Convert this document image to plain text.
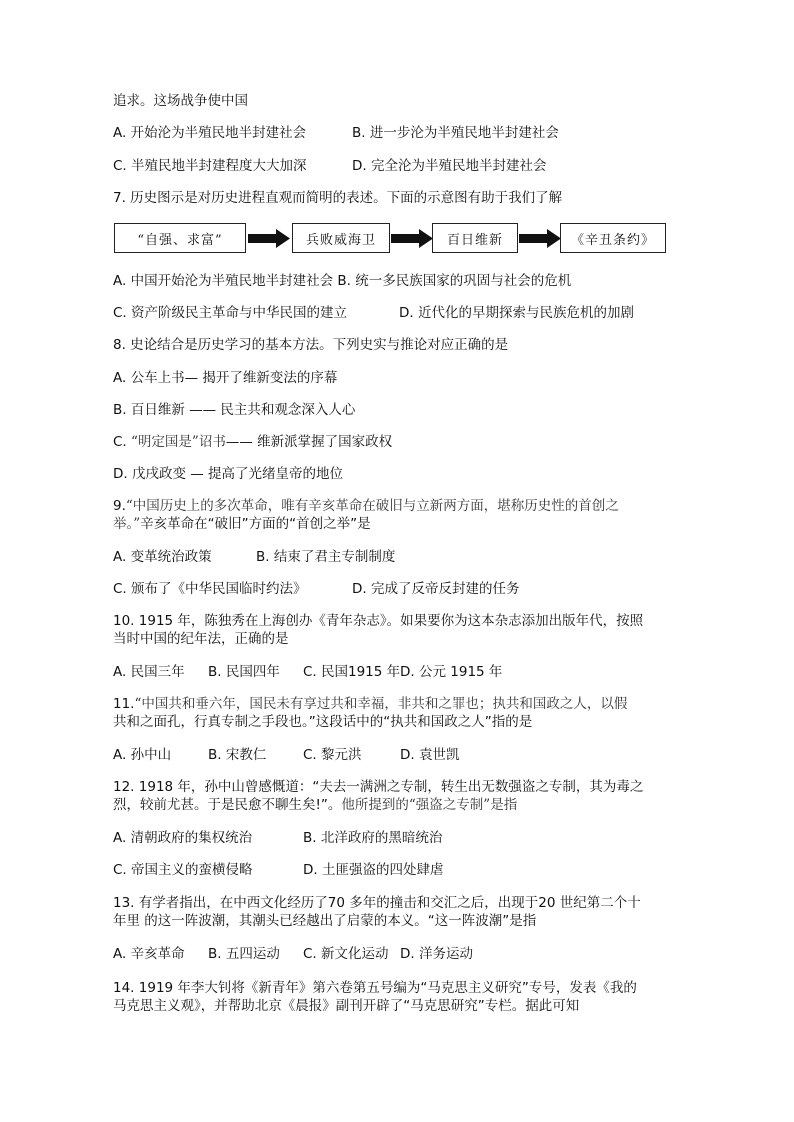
追求。这场战争使中国
A. 开始沦为半殖民地半封建社会	B. 进一步沦为半殖民地半封建社会
C. 半殖民地半封建程度大大加深	D. 完全沦为半殖民地半封建社会
7. 历史图示是对历史进程直观而简明的表述。下面的示意图有助于我们了解
“自强、求富”	兵败威海卫	百日维新	《辛丑条约》
A. 中国开始沦为半殖民地半封建社会 B. 统一多民族国家的巩固与社会的危机
C. 资产阶级民主革命与中华民国的建立	D. 近代化的早期探索与民族危机的加剧
8. 史论结合是历史学习的基本方法。下列史实与推论对应正确的是
A. 公车上书— 揭开了维新变法的序幕
B. 百日维新 —— 民主共和观念深入人心
C. “明定国是”诏书—— 维新派掌握了国家政权
D. 戊戌政变 — 提高了光绪皇帝的地位
9.“中国历史上的多次革命，唯有辛亥革命在破旧与立新两方面，堪称历史性的首创之
举。”辛亥革命在“破旧”方面的“首创之举”是
A. 变革统治政策	B. 结束了君主专制制度
C. 颁布了《中华民国临时约法》	D. 完成了反帝反封建的任务
10. 1915 年，陈独秀在上海创办《青年杂志》。如果要你为这本杂志添加出版年代，按照
当时中国的纪年法，正确的是
A. 民国三年 B. 民国四年 C. 民国1915 年 D. 公元 1915 年
11.“中国共和垂六年，国民未有享过共和幸福，非共和之罪也；执共和国政之人，以假
共和之面孔，行真专制之手段也。”这段话中的“执共和国政之人”指的是
A. 孙中山	B. 宋教仁	C. 黎元洪	D. 袁世凯
12. 1918 年，孙中山曾感慨道：“夫去一满洲之专制，转生出无数强盗之专制，其为毒之
烈，较前尤甚。于是民愈不聊生矣!”。他所提到的“强盗之专制”是指
A. 清朝政府的集权统治	B. 北洋政府的黑暗统治
C. 帝国主义的蛮横侵略	D. 土匪强盗的四处肆虐
13. 有学者指出，在中西文化经历了70 多年的撞击和交汇之后，出现于20 世纪第二个十
年里 的这一阵波潮，其潮头已经越出了启蒙的本义。“这一阵波潮”是指
A. 辛亥革命 B. 五四运动 C. 新文化运动 D. 洋务运动
14. 1919 年李大钊将《新青年》第六卷第五号编为“马克思主义研究”专号，发表《我的
马克思主义观》，并帮助北京《晨报》副刊开辟了“马克思研究”专栏。据此可知
